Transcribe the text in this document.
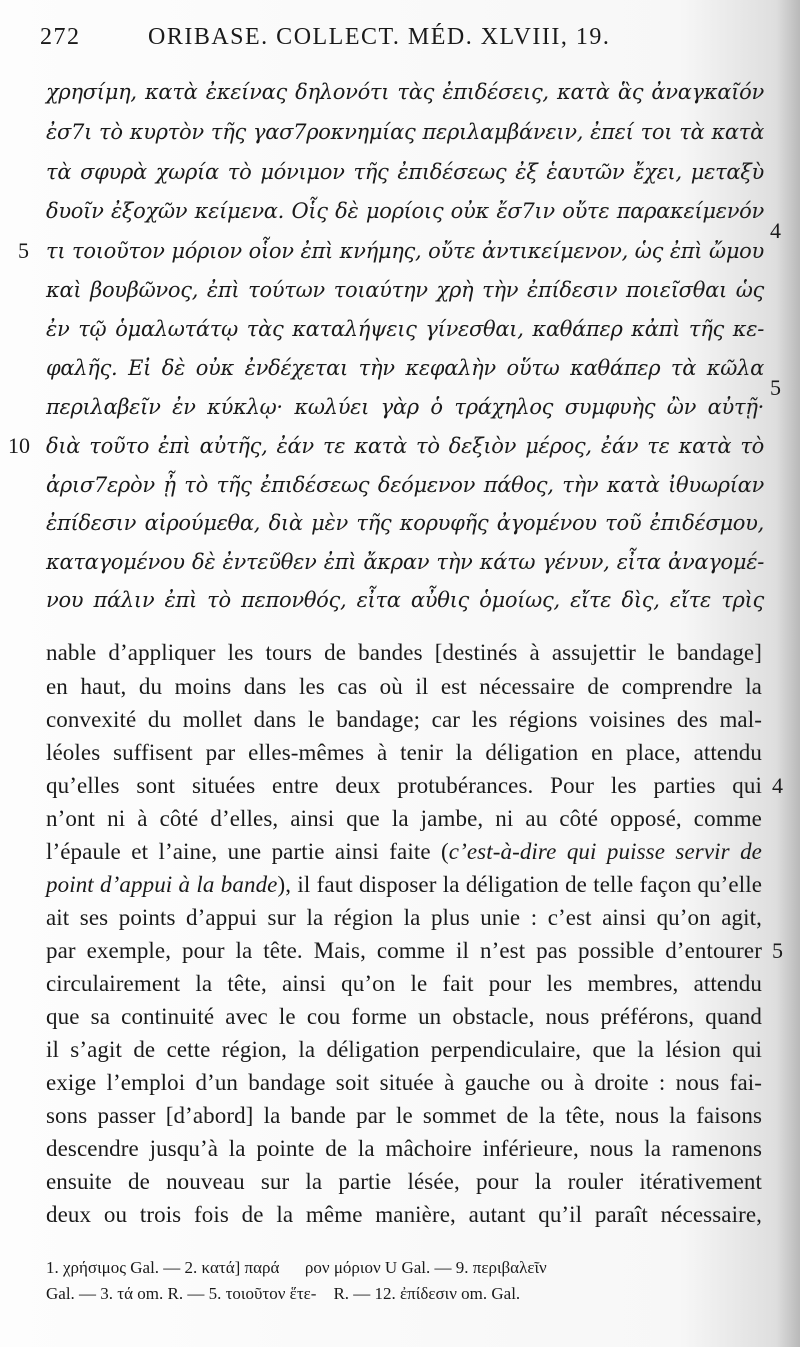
272	ORIBASE. COLLECT. MÉD. XLVIII, 19.
χρησίμη, κατὰ ἐκείνας δηλονότι τὰς ἐπιδέσεις, κατὰ ἃς ἀναγκαῖόν
ἐσ7ι τὸ κυρτὸν τῆς γασ7ροκνημίας περιλαμβάνειν, ἐπεί τοι τὰ κατὰ
τὰ σφυρὰ χωρία τὸ μόνιμον τῆς ἐπιδέσεως ἐξ ἑαυτῶν ἔχει, μεταξὺ
δυοῖν ἐξοχῶν κείμενα. Οἷς δὲ μορίοις οὐκ ἔσ7ιν οὔτε παρακείμενόν
τι τοιοῦτον μόριον οἷον ἐπὶ κνήμης, οὔτε ἀντικείμενον, ὡς ἐπὶ ὤμου
καὶ βουβῶνος, ἐπὶ τούτων τοιαύτην χρὴ τὴν ἐπίδεσιν ποιεῖσθαι ὡς
ἐν τῷ ὁμαλωτάτῳ τὰς καταλήψεις γίνεσθαι, καθάπερ κἀπὶ τῆς κε-
φαλῆς. Εἰ δὲ οὐκ ἐνδέχεται τὴν κεφαλὴν οὕτω καθάπερ τὰ κῶλα
περιλαβεῖν ἐν κύκλῳ· κωλύει γὰρ ὁ τράχηλος συμφυὴς ὢν αὐτῇ·
διὰ τοῦτο ἐπὶ αὐτῆς, ἐάν τε κατὰ τὸ δεξιὸν μέρος, ἐάν τε κατὰ τὸ
ἀρισ7ερὸν ᾖ τὸ τῆς ἐπιδέσεως δεόμενον πάθος, τὴν κατὰ ἰθυωρίαν
ἐπίδεσιν αἱρούμεθα, διὰ μὲν τῆς κορυφῆς ἀγομένου τοῦ ἐπιδέσμου,
καταγομένου δὲ ἐντεῦθεν ἐπὶ ἄκραν τὴν κάτω γένυν, εἶτα ἀναγομέ-
νου πάλιν ἐπὶ τὸ πεπονθός, εἶτα αὖθις ὁμοίως, εἴτε δὶς, εἴτε τρὶς
5
10
4
5
nable d’appliquer les tours de bandes [destinés à assujettir le bandage]
en haut, du moins dans les cas où il est nécessaire de comprendre la
convexité du mollet dans le bandage; car les régions voisines des mal-
léoles suffisent par elles-mêmes à tenir la déligation en place, attendu
qu’elles sont situées entre deux protubérances. Pour les parties qui
n’ont ni à côté d’elles, ainsi que la jambe, ni au côté opposé, comme
l’épaule et l’aine, une partie ainsi faite (c’est-à-dire qui puisse servir de
point d’appui à la bande), il faut disposer la déligation de telle façon qu’elle
ait ses points d’appui sur la région la plus unie : c’est ainsi qu’on agit,
par exemple, pour la tête. Mais, comme il n’est pas possible d’entourer
circulairement la tête, ainsi qu’on le fait pour les membres, attendu
que sa continuité avec le cou forme un obstacle, nous préférons, quand
il s’agit de cette région, la déligation perpendiculaire, que la lésion qui
exige l’emploi d’un bandage soit située à gauche ou à droite : nous fai-
sons passer [d’abord] la bande par le sommet de la tête, nous la faisons
descendre jusqu’à la pointe de la mâchoire inférieure, nous la ramenons
ensuite de nouveau sur la partie lésée, pour la rouler itérativement
deux ou trois fois de la même manière, autant qu’il paraît nécessaire,
4
5
1. χρήσιμος Gal. — 2. κατά] παρά      ρον μόριον U Gal. — 9. περιβαλεῖν
Gal. — 3. τά om. R. — 5. τοιοῦτον ἕτε-    R. — 12. ἐπίδεσιν om. Gal.
